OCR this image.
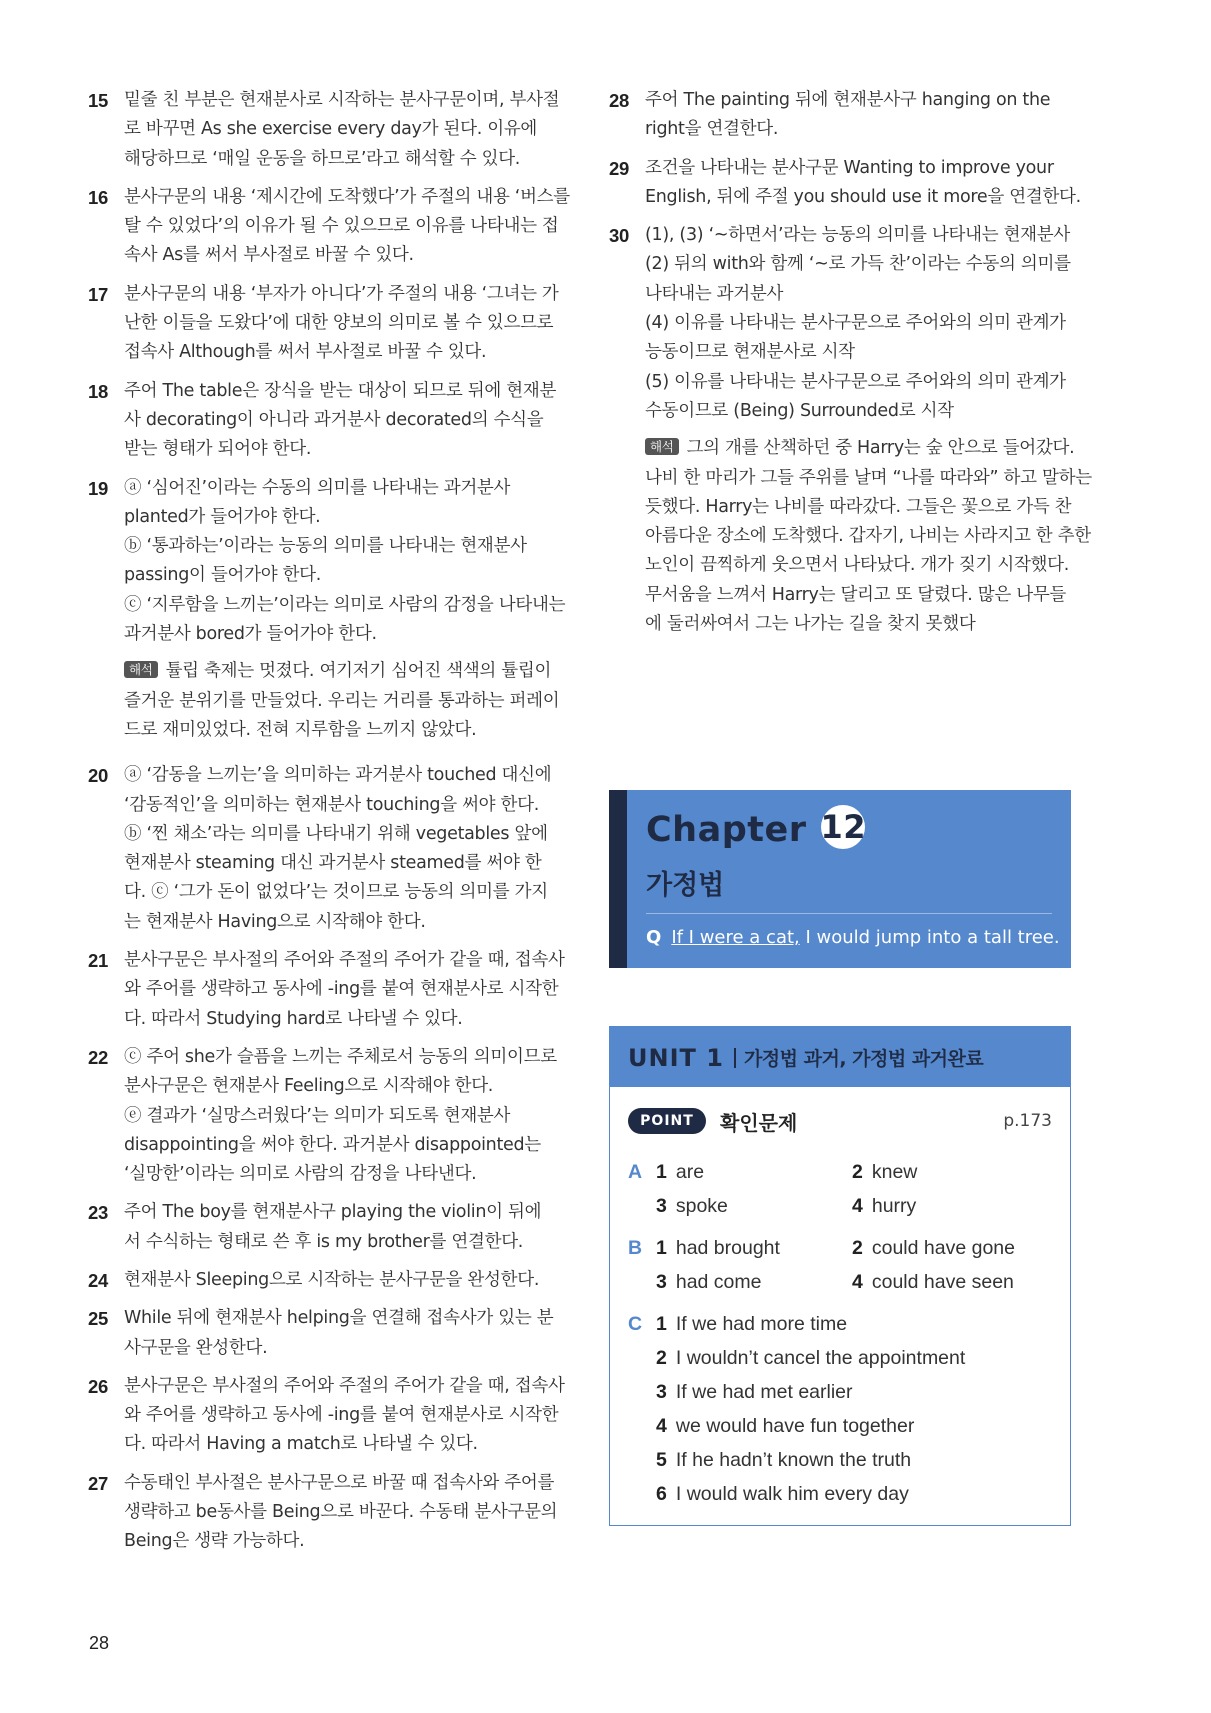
15 밑줄 친 부분은 현재분사로 시작하는 분사구문이며, 부사절
로 바꾸면 As she exercise every day가 된다. 이유에
해당하므로 ‘매일 운동을 하므로’라고 해석할 수 있다.
16 분사구문의 내용 ‘제시간에 도착했다’가 주절의 내용 ‘버스를
탈 수 있었다’의 이유가 될 수 있으므로 이유를 나타내는 접
속사 As를 써서 부사절로 바꿀 수 있다.
17 분사구문의 내용 ‘부자가 아니다’가 주절의 내용 ‘그녀는 가
난한 이들을 도왔다’에 대한 양보의 의미로 볼 수 있으므로
접속사 Although를 써서 부사절로 바꿀 수 있다.
18 주어 The table은 장식을 받는 대상이 되므로 뒤에 현재분
사 decorating이 아니라 과거분사 decorated의 수식을
받는 형태가 되어야 한다.
19 ⓐ ‘심어진’이라는 수동의 의미를 나타내는 과거분사
planted가 들어가야 한다.
ⓑ ‘통과하는’이라는 능동의 의미를 나타내는 현재분사
passing이 들어가야 한다.
ⓒ ‘지루함을 느끼는’이라는 의미로 사람의 감정을 나타내는
과거분사 bored가 들어가야 한다.
해석 튤립 축제는 멋졌다. 여기저기 심어진 색색의 튤립이
즐거운 분위기를 만들었다. 우리는 거리를 통과하는 퍼레이
드로 재미있었다. 전혀 지루함을 느끼지 않았다.
20 ⓐ ‘감동을 느끼는’을 의미하는 과거분사 touched 대신에
‘감동적인’을 의미하는 현재분사 touching을 써야 한다.
ⓑ ‘찐 채소’라는 의미를 나타내기 위해 vegetables 앞에
현재분사 steaming 대신 과거분사 steamed를 써야 한
다. ⓒ ‘그가 돈이 없었다’는 것이므로 능동의 의미를 가지
는 현재분사 Having으로 시작해야 한다.
21 분사구문은 부사절의 주어와 주절의 주어가 같을 때, 접속사
와 주어를 생략하고 동사에 -ing를 붙여 현재분사로 시작한
다. 따라서 Studying hard로 나타낼 수 있다.
22 ⓒ 주어 she가 슬픔을 느끼는 주체로서 능동의 의미이므로
분사구문은 현재분사 Feeling으로 시작해야 한다.
ⓔ 결과가 ‘실망스러웠다’는 의미가 되도록 현재분사
disappointing을 써야 한다. 과거분사 disappointed는
‘실망한’이라는 의미로 사람의 감정을 나타낸다.
23 주어 The boy를 현재분사구 playing the violin이 뒤에
서 수식하는 형태로 쓴 후 is my brother를 연결한다.
24 현재분사 Sleeping으로 시작하는 분사구문을 완성한다.
25 While 뒤에 현재분사 helping을 연결해 접속사가 있는 분
사구문을 완성한다.
26 분사구문은 부사절의 주어와 주절의 주어가 같을 때, 접속사
와 주어를 생략하고 동사에 -ing를 붙여 현재분사로 시작한
다. 따라서 Having a match로 나타낼 수 있다.
27 수동태인 부사절은 분사구문으로 바꿀 때 접속사와 주어를
생략하고 be동사를 Being으로 바꾼다. 수동태 분사구문의
Being은 생략 가능하다.
28 주어 The painting 뒤에 현재분사구 hanging on the
right을 연결한다.
29 조건을 나타내는 분사구문 Wanting to improve your
English, 뒤에 주절 you should use it more을 연결한다.
30 (1), (3) ‘~하면서’라는 능동의 의미를 나타내는 현재분사
(2) 뒤의 with와 함께 ‘~로 가득 찬’이라는 수동의 의미를
나타내는 과거분사
(4) 이유를 나타내는 분사구문으로 주어와의 의미 관계가
능동이므로 현재분사로 시작
(5) 이유를 나타내는 분사구문으로 주어와의 의미 관계가
수동이므로 (Being) Surrounded로 시작
해석 그의 개를 산책하던 중 Harry는 숲 안으로 들어갔다.
나비 한 마리가 그들 주위를 날며 “나를 따라와” 하고 말하는
듯했다. Harry는 나비를 따라갔다. 그들은 꽃으로 가득 찬
아름다운 장소에 도착했다. 갑자기, 나비는 사라지고 한 추한
노인이 끔찍하게 웃으면서 나타났다. 개가 짖기 시작했다.
무서움을 느껴서 Harry는 달리고 또 달렸다. 많은 나무들
에 둘러싸여서 그는 나가는 길을 찾지 못했다
Chapter 12
가정법
Q If I were a cat, I would jump into a tall tree.
UNIT 1 가정법 과거, 가정법 과거완료
POINT	확인문제	p.173
A 1 are	2 knew
3 spoke	4 hurry
B 1 had brought	2 could have gone
3 had come	4 could have seen
C 1 If we had more time
2 I wouldn’t cancel the appointment
3 If we had met earlier
4 we would have fun together
5 If he hadn’t known the truth
6 I would walk him every day
28
